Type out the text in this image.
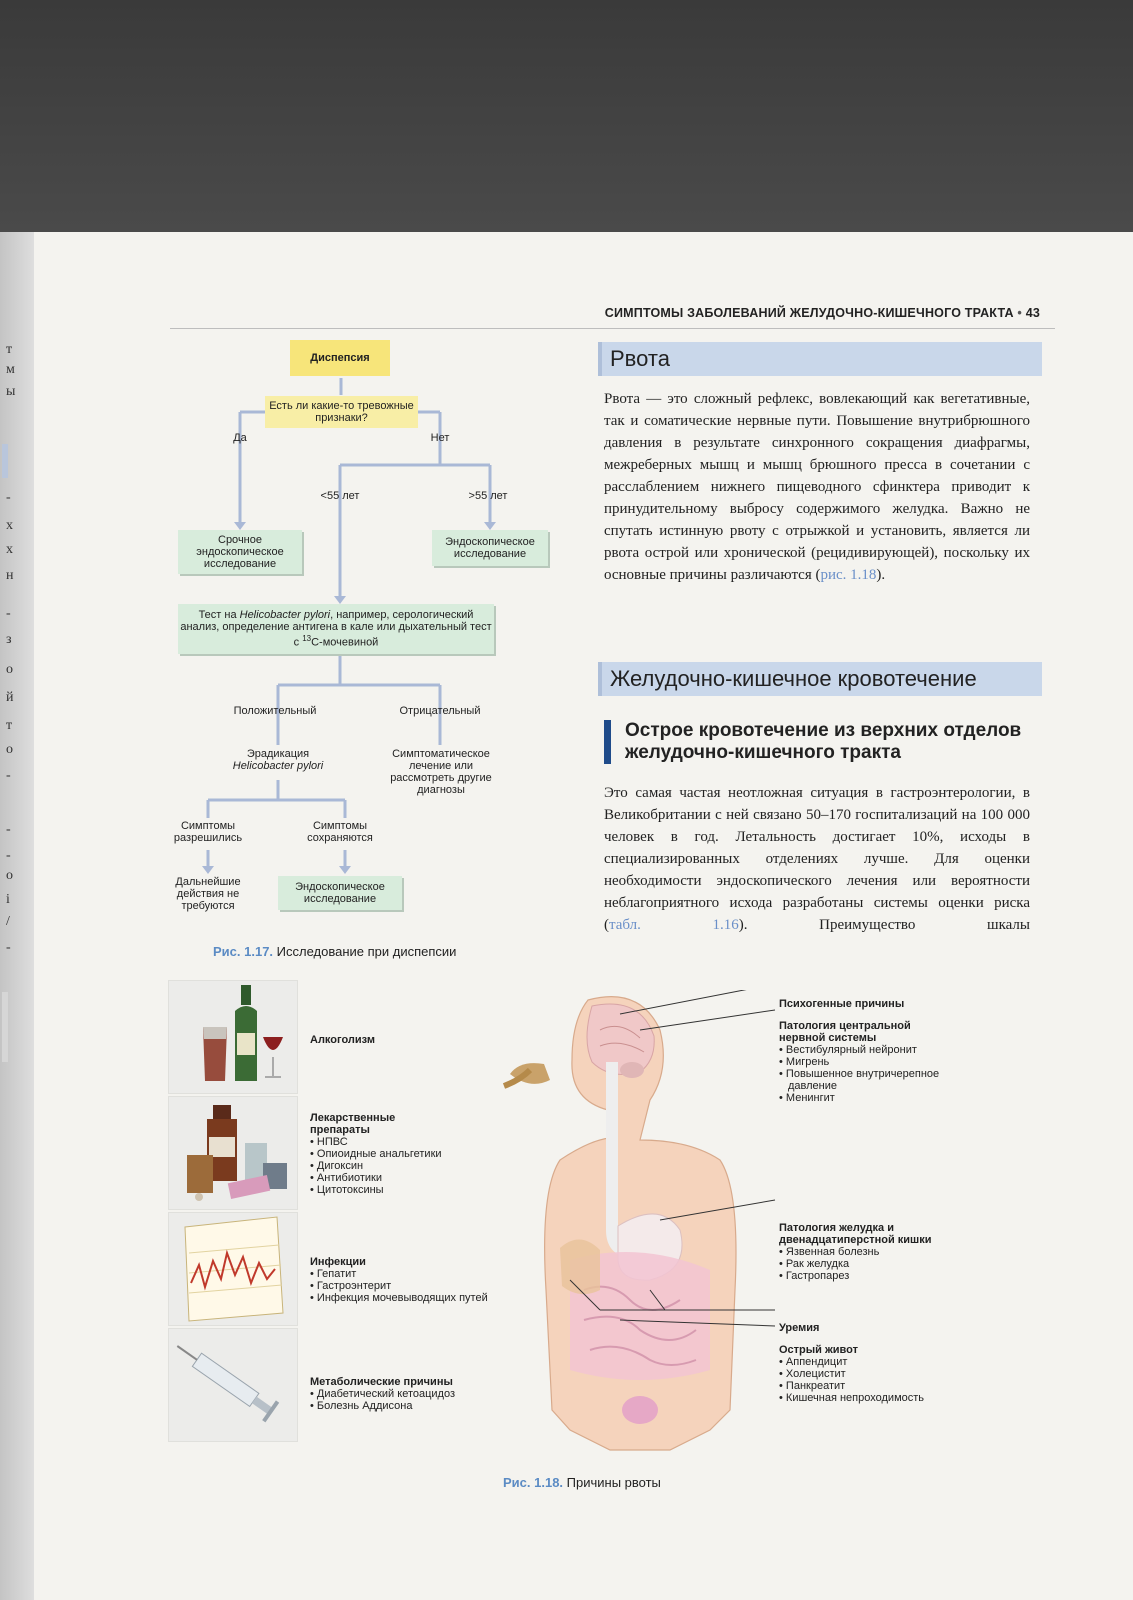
т
м
ы
-
х
х
н
-
з
о
й
т
о
-
-
-
о
і
/
-
СИМПТОМЫ ЗАБОЛЕВАНИЙ ЖЕЛУДОЧНО-КИШЕЧНОГО ТРАКТА • 43
Диспепсия
Есть ли какие-то тревожные признаки?
Да	Нет
<55 лет	>55 лет
Срочное эндоскопическое исследование
Эндоскопическое исследование
Тест на Helicobacter pylori, например, серологический анализ, определение антигена в кале или дыхательный тест с $^{13}$С-мочевиной
Положительный	Отрицательный
Эрадикация
Helicobacter pylori
Симптоматическое лечение или рассмотреть другие диагнозы
Симптомы разрешились
Симптомы сохраняются
Дальнейшие действия не требуются
Эндоскопическое исследование
Рис. 1.17. Исследование при диспепсии
Рвота
Рвота — это сложный рефлекс, вовлекающий как вегетативные, так и соматические нервные пути. Повышение внутрибрюшного давления в результате синхронного сокращения диафрагмы, межреберных мышц и мышц брюшного пресса в сочетании с расслаблением нижнего пищеводного сфинктера приводит к принудительному выбросу содержимого желудка. Важно не спутать истинную рвоту с отрыжкой и установить, является ли рвота острой или хронической (рецидивирующей), поскольку их основные причины различаются (рис. 1.18).
Желудочно-кишечное кровотечение
Острое кровотечение из верхних отделов желудочно-кишечного тракта
Это самая частая неотложная ситуация в гастроэнтерологии, в Великобритании с ней связано 50–170 госпитализаций на 100 000 человек в год. Летальность достигает 10%, исходы в специализированных отделениях лучше. Для оценки необходимости эндоскопического лечения или вероятности неблагоприятного исхода разработаны системы оценки риска (табл. 1.16). Преимущество шкалы
Алкоголизм
Лекарственные препараты
• НПВС
• Опиоидные анальгетики
• Дигоксин
• Антибиотики
• Цитотоксины
Инфекции
• Гепатит
• Гастроэнтерит
• Инфекция мочевыводящих путей
Метаболические причины
• Диабетический кетоацидоз
• Болезнь Аддисона
Психогенные причины
Патология центральной нервной системы
• Вестибулярный нейронит
• Мигрень
• Повышенное внутричерепное давление
• Менингит
Патология желудка и двенадцатиперстной кишки
• Язвенная болезнь
• Рак желудка
• Гастропарез
Уремия
Острый живот
• Аппендицит
• Холецистит
• Панкреатит
• Кишечная непроходимость
Рис. 1.18. Причины рвоты
